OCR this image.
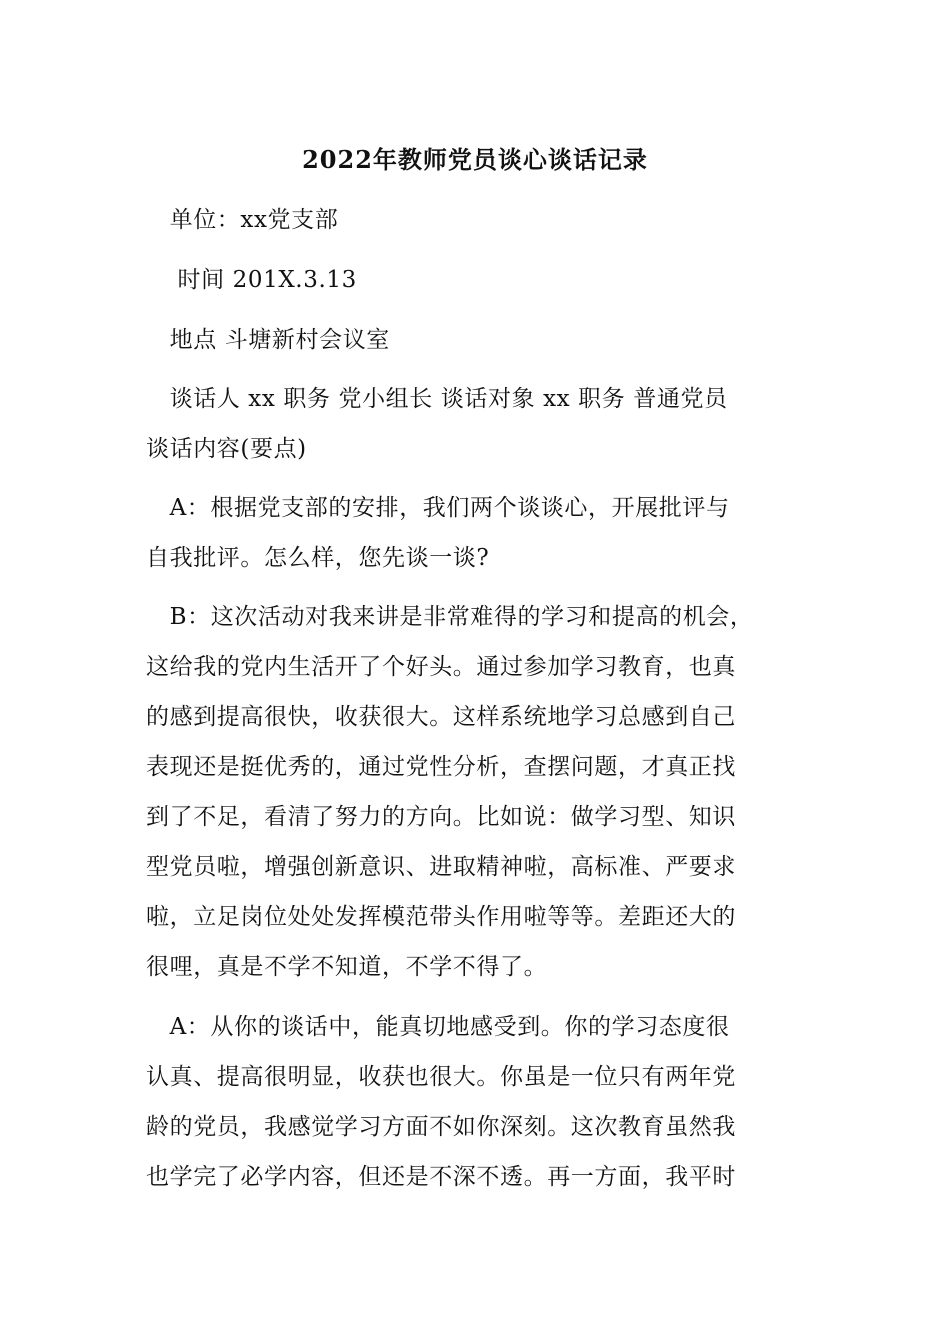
2022年教师党员谈心谈话记录
　单位：xx党支部
　 时间 201X.3.13
　地点 斗塘新村会议室
　谈话人 xx 职务 党小组长 谈话对象 xx 职务 普通党员
谈话内容(要点)
　A：根据党支部的安排，我们两个谈谈心，开展批评与
自我批评。怎么样，您先谈一谈?
　B：这次活动对我来讲是非常难得的学习和提高的机会，
这给我的党内生活开了个好头。通过参加学习教育，也真
的感到提高很快，收获很大。这样系统地学习总感到自己
表现还是挺优秀的，通过党性分析，查摆问题，才真正找
到了不足，看清了努力的方向。比如说：做学习型、知识
型党员啦，增强创新意识、进取精神啦，高标准、严要求
啦，立足岗位处处发挥模范带头作用啦等等。差距还大的
很哩，真是不学不知道，不学不得了。
　A：从你的谈话中，能真切地感受到。你的学习态度很
认真、提高很明显，收获也很大。你虽是一位只有两年党
龄的党员，我感觉学习方面不如你深刻。这次教育虽然我
也学完了必学内容，但还是不深不透。再一方面，我平时
